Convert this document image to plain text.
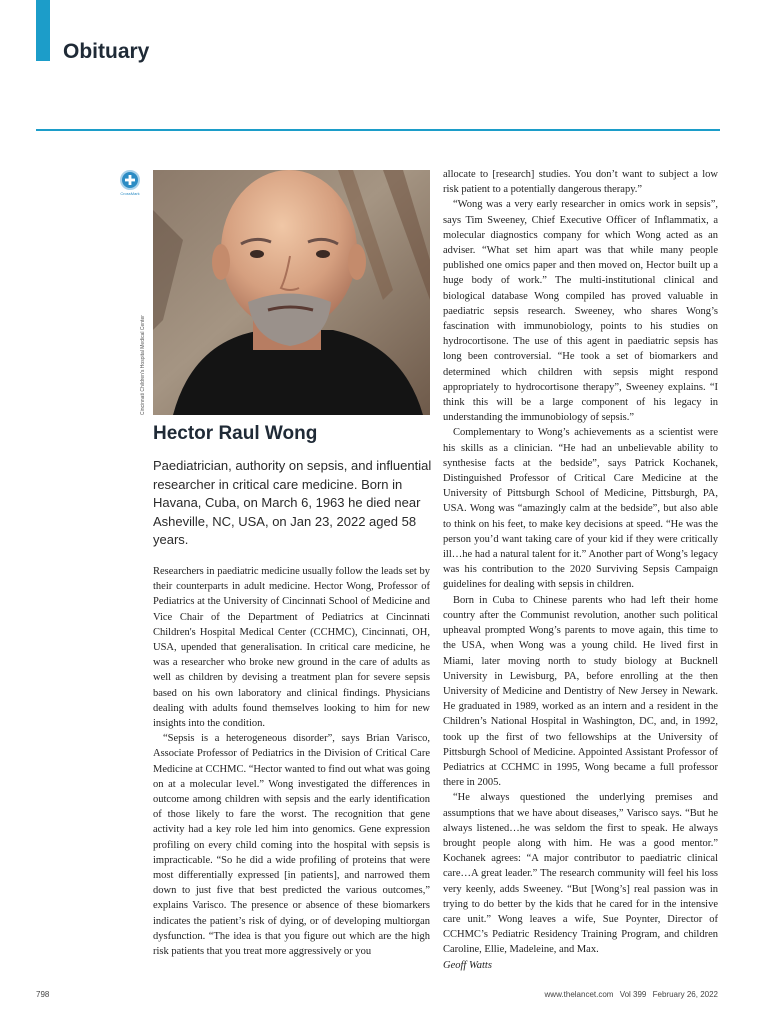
Obituary
CrossMark
Cincinnati Children's Hospital Medical Center
Hector Raul Wong

Paediatrician, authority on sepsis, and influential researcher in critical care medicine. Born in Havana, Cuba, on March 6, 1963 he died near Asheville, NC, USA, on Jan 23, 2022 aged 58 years.

Researchers in paediatric medicine usually follow the leads set by their counterparts in adult medicine. Hector Wong, Professor of Pediatrics at the University of Cincinnati School of Medicine and Vice Chair of the Department of Pediatrics at Cincinnati Children's Hospital Medical Center (CCHMC), Cincinnati, OH, USA, upended that generalisation. In critical care medicine, he was a researcher who broke new ground in the care of adults as well as children by devising a treatment plan for severe sepsis based on his own laboratory and clinical findings. Physicians dealing with adults found themselves looking to him for new insights into the condition.

“Sepsis is a heterogeneous disorder”, says Brian Varisco, Associate Professor of Pediatrics in the Division of Critical Care Medicine at CCHMC. “Hector wanted to find out what was going on at a molecular level.” Wong investigated the differences in outcome among children with sepsis and the early identification of those likely to fare the worst. The recognition that gene activity had a key role led him into genomics. Gene expression profiling on every child coming into the hospital with sepsis is impracticable. “So he did a wide profiling of proteins that were most differentially expressed [in patients], and narrowed them down to just five that best predicted the various outcomes,” explains Varisco. The presence or absence of these biomarkers indicates the patient’s risk of dying, or of developing multiorgan dysfunction. “The idea is that you figure out which are the high risk patients that you treat more aggressively or you

allocate to [research] studies. You don’t want to subject a low risk patient to a potentially dangerous therapy.”

“Wong was a very early researcher in omics work in sepsis”, says Tim Sweeney, Chief Executive Officer of Inflammatix, a molecular diagnostics company for which Wong acted as an adviser. “What set him apart was that while many people published one omics paper and then moved on, Hector built up a huge body of work.” The multi-institutional clinical and biological database Wong compiled has proved valuable in paediatric sepsis research. Sweeney, who shares Wong’s fascination with immunobiology, points to his studies on hydrocortisone. The use of this agent in paediatric sepsis has long been controversial. “He took a set of biomarkers and determined which children with sepsis might respond appropriately to hydrocortisone therapy”, Sweeney explains. “I think this will be a large component of his legacy in understanding the immunobiology of sepsis.”

Complementary to Wong’s achievements as a scientist were his skills as a clinician. “He had an unbelievable ability to synthesise facts at the bedside”, says Patrick Kochanek, Distinguished Professor of Critical Care Medicine at the University of Pittsburgh School of Medicine, Pittsburgh, PA, USA. Wong was “amazingly calm at the bedside”, but also able to think on his feet, to make key decisions at speed. “He was the person you’d want taking care of your kid if they were critically ill…he had a natural talent for it.” Another part of Wong’s legacy was his contribution to the 2020 Surviving Sepsis Campaign guidelines for dealing with sepsis in children.

Born in Cuba to Chinese parents who had left their home country after the Communist revolution, another such political upheaval prompted Wong’s parents to move again, this time to the USA, when Wong was a young child. He lived first in Miami, later moving north to study biology at Bucknell University in Lewisburg, PA, before enrolling at the then University of Medicine and Dentistry of New Jersey in Newark. He graduated in 1989, worked as an intern and a resident in the Children’s National Hospital in Washington, DC, and, in 1992, took up the first of two fellowships at the University of Pittsburgh School of Medicine. Appointed Assistant Professor of Pediatrics at CCHMC in 1995, Wong became a full professor there in 2005.

“He always questioned the underlying premises and assumptions that we have about diseases,” Varisco says. “But he always listened…he was seldom the first to speak. He always brought people along with him. He was a good mentor.” Kochanek agrees: “A major contributor to paediatric clinical care…A great leader.” The research community will feel his loss very keenly, adds Sweeney. “But [Wong’s] real passion was in trying to do better by the kids that he cared for in the intensive care unit.” Wong leaves a wife, Sue Poynter, Director of CCHMC’s Pediatric Residency Training Program, and children Caroline, Ellie, Madeleine, and Max.

Geoff Watts

798	www.thelancet.com Vol 399 February 26, 2022
